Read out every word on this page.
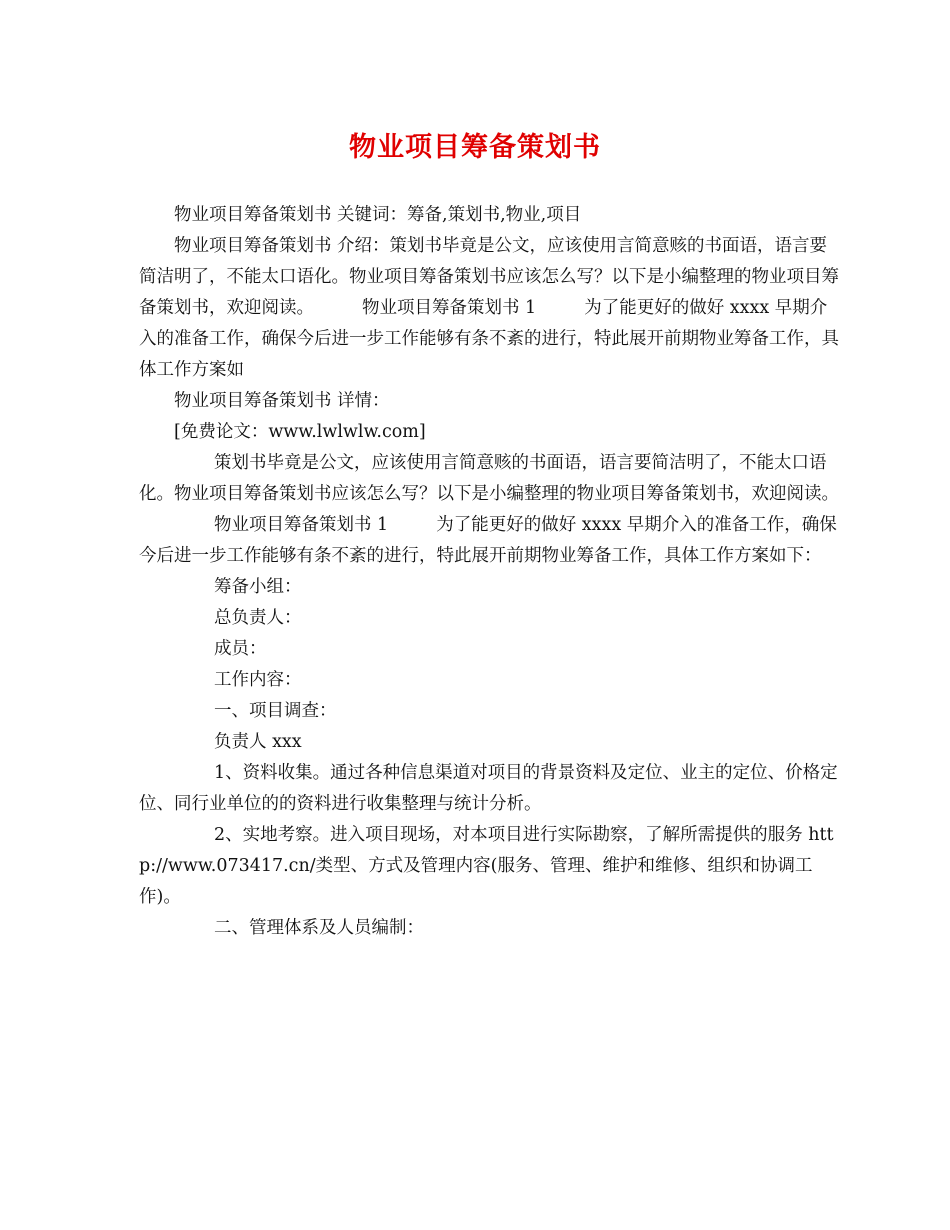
物业项目筹备策划书

物业项目筹备策划书 关键词：筹备,策划书,物业,项目

物业项目筹备策划书 介绍：策划书毕竟是公文，应该使用言简意赅的书面语，语言要简洁明了，不能太口语化。物业项目筹备策划书应该怎么写？以下是小编整理的物业项目筹备策划书，欢迎阅读。	物业项目筹备策划书 1	为了能更好的做好 xxxx 早期介入的准备工作，确保今后进一步工作能够有条不紊的进行，特此展开前期物业筹备工作，具体工作方案如

物业项目筹备策划书 详情：

[免费论文：www.lwlwlw.com]

策划书毕竟是公文，应该使用言简意赅的书面语，语言要简洁明了，不能太口语化。物业项目筹备策划书应该怎么写？以下是小编整理的物业项目筹备策划书，欢迎阅读。

物业项目筹备策划书 1	为了能更好的做好 xxxx 早期介入的准备工作，确保今后进一步工作能够有条不紊的进行，特此展开前期物业筹备工作，具体工作方案如下：

筹备小组：

总负责人：

成员：

工作内容：

一、项目调查：

负责人 xxx

1、资料收集。通过各种信息渠道对项目的背景资料及定位、业主的定位、价格定位、同行业单位的的资料进行收集整理与统计分析。

2、实地考察。进入项目现场，对本项目进行实际勘察，了解所需提供的服务 http://www.073417.cn/类型、方式及管理内容(服务、管理、维护和维修、组织和协调工作)。

二、管理体系及人员编制：
